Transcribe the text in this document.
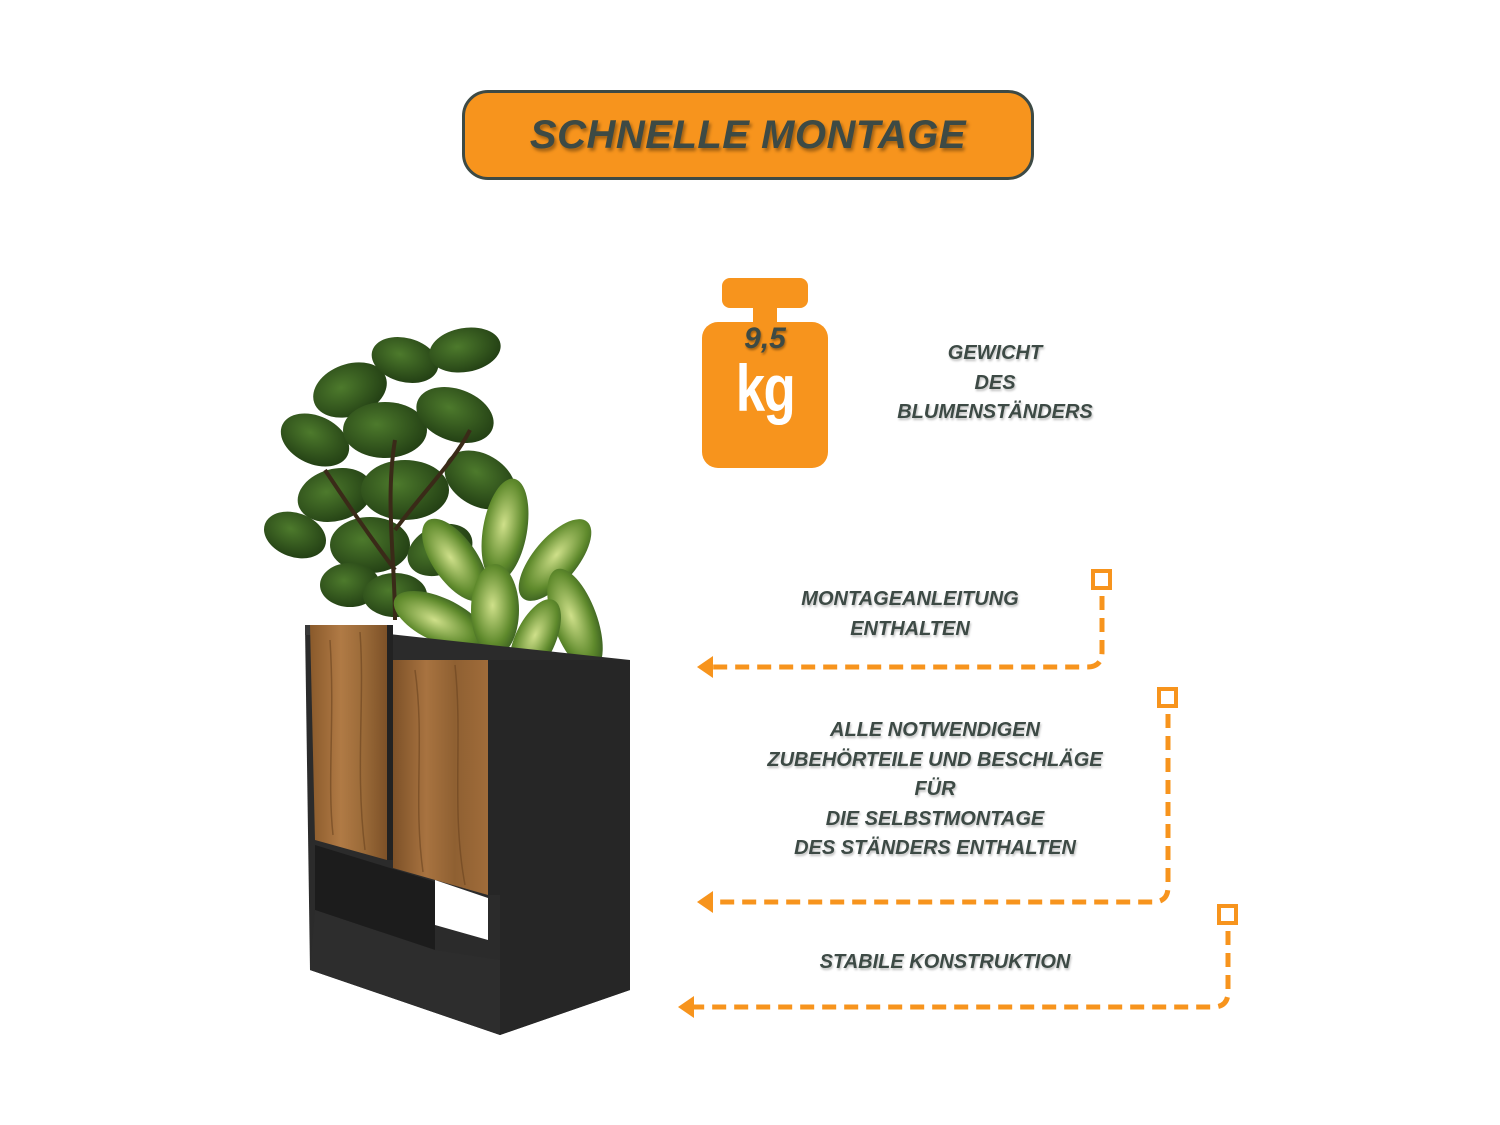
SCHNELLE MONTAGE
9,5
kg	GEWICHT
DES
BLUMENSTÄNDERS
MONTAGEANLEITUNG
ENTHALTEN
ALLE NOTWENDIGEN
ZUBEHÖRTEILE UND BESCHLÄGE
FÜR
DIE SELBSTMONTAGE
DES STÄNDERS ENTHALTEN
STABILE KONSTRUKTION
